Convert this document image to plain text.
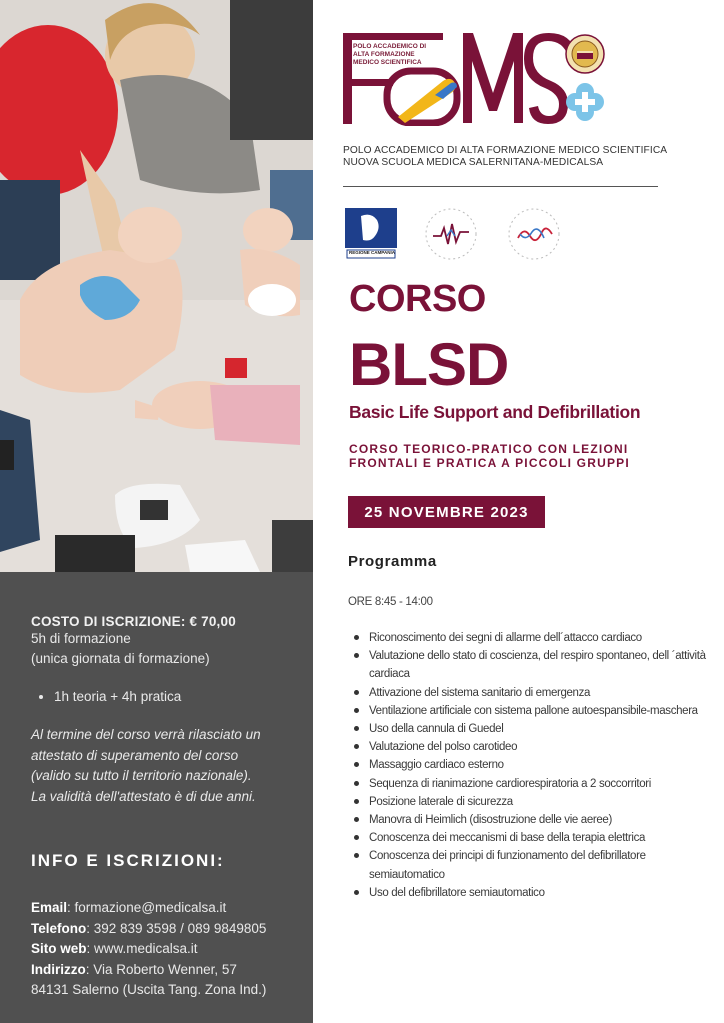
COSTO DI ISCRIZIONE: € 70,00
5h di formazione
(unica giornata di formazione)
• 1h teoria + 4h pratica
Al termine del corso verrà rilasciato un
attestato di superamento del corso
(valido su tutto il territorio nazionale).
La validità dell'attestato è di due anni.
INFO E ISCRIZIONI:
Email: formazione@medicalsa.it
Telefono: 392 839 3598 / 089 9849805
Sito web: www.medicalsa.it
Indirizzo: Via Roberto Wenner, 57
84131 Salerno (Uscita Tang. Zona Ind.)
POLO ACCADEMICO DI ALTA FORMAZIONE MEDICO SCIENTIFICA
POLO ACCADEMICO DI ALTA FORMAZIONE MEDICO SCIENTIFICA
NUOVA SCUOLA MEDICA SALERNITANA-MEDICALSA
REGIONE CAMPANIA
CORSO
BLSD
Basic Life Support and Defibrillation
CORSO TEORICO-PRATICO CON LEZIONI
FRONTALI E PRATICA A PICCOLI GRUPPI
25 NOVEMBRE 2023
Programma
ORE 8:45 - 14:00
Riconoscimento dei segni di allarme dell´attacco cardiaco
Valutazione dello stato di coscienza, del respiro spontaneo, dell ´attività cardiaca
Attivazione del sistema sanitario di emergenza
Ventilazione artificiale con sistema pallone autoespansibile-maschera
Uso della cannula di Guedel
Valutazione del polso carotideo
Massaggio cardiaco esterno
Sequenza di rianimazione cardiorespiratoria a 2 soccorritori
Posizione laterale di sicurezza
Manovra di Heimlich (disostruzione delle vie aeree)
Conoscenza dei meccanismi di base della terapia elettrica
Conoscenza dei principi di funzionamento del defibrillatore semiautomatico
Uso del defibrillatore semiautomatico
